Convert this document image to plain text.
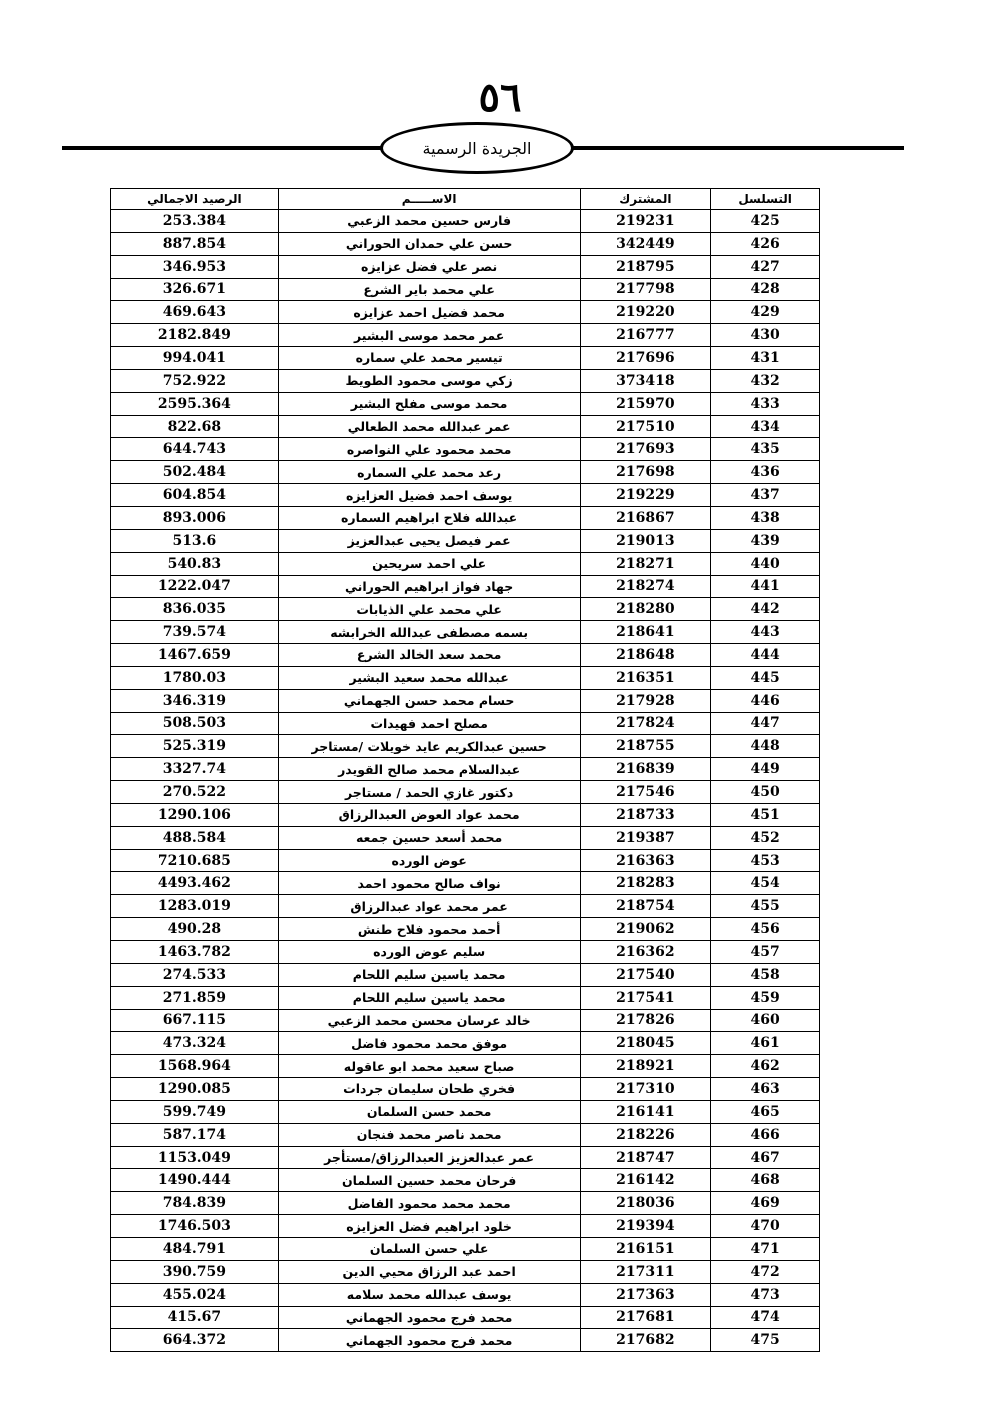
٥٦
الجريدة الرسمية
التسلسل	المشترك	الاســـــم	الرصيد الاجمالي
425	219231	فارس حسين محمد الزعبي	253.384
426	342449	حسن علي حمدان الحوراني	887.854
427	218795	نصر علي فضل عزايزه	346.953
428	217798	علي محمد باير الشرع	326.671
429	219220	محمد فضيل احمد عزايزه	469.643
430	216777	عمر محمد موسى البشير	2182.849
431	217696	تيسير محمد علي سماره	994.041
432	373418	زكي موسى محمود الطويط	752.922
433	215970	محمد موسى مفلح البشير	2595.364
434	217510	عمر عبدالله محمد الطعالي	822.68
435	217693	محمد محمود علي النواصره	644.743
436	217698	رعد محمد علي السماره	502.484
437	219229	يوسف احمد فضيل العزايزه	604.854
438	216867	عبدالله فلاح ابراهيم السماره	893.006
439	219013	عمر فيصل يحيى عبدالعزيز	513.6
440	218271	علي احمد سريحين	540.83
441	218274	جهاد فواز ابراهيم الحوراني	1222.047
442	218280	علي محمد علي الذيابات	836.035
443	218641	بسمه مصطفى عبدالله الخرابشه	739.574
444	218648	محمد سعد الخالد الشرع	1467.659
445	216351	عبدالله محمد سعيد البشير	1780.03
446	217928	حسام محمد حسن الجهماني	346.319
447	217824	مصلح احمد فهيدات	508.503
448	218755	حسين عبدالكريم عايد خويلات /مستاجر	525.319
449	216839	عبدالسلام محمد صالح القويدر	3327.74
450	217546	دكتور غازي الحمد / مستاجر	270.522
451	218733	محمد عواد العوض العبدالرزاق	1290.106
452	219387	محمد أسعد حسين جمعه	488.584
453	216363	عوض الورده	7210.685
454	218283	نواف صالح محمود احمد	4493.462
455	218754	عمر محمد عواد عبدالرزاق	1283.019
456	219062	أحمد محمود فلاح طنش	490.28
457	216362	سليم عوض الورده	1463.782
458	217540	محمد ياسين سليم اللحام	274.533
459	217541	محمد ياسين سليم اللحام	271.859
460	217826	خالد عرسان محسن محمد الزعبي	667.115
461	218045	موفق محمد محمود فاضل	473.324
462	218921	صباح سعيد محمد ابو عاقوله	1568.964
463	217310	فخري طحان سليمان جردات	1290.085
465	216141	محمد حسن السلمان	599.749
466	218226	محمد ناصر محمد فنجان	587.174
467	218747	عمر عبدالعزيز العبدالرزاق/مستأجر	1153.049
468	216142	فرحان محمد حسين السلمان	1490.444
469	218036	محمد محمد محمود الفاضل	784.839
470	219394	خلود ابراهيم فضل العزايزه	1746.503
471	216151	علي حسن السلمان	484.791
472	217311	احمد عبد الرزاق محيي الدين	390.759
473	217363	يوسف عبدالله محمد سلامه	455.024
474	217681	محمد فرج محمود الجهماني	415.67
475	217682	محمد فرج محمود الجهماني	664.372
